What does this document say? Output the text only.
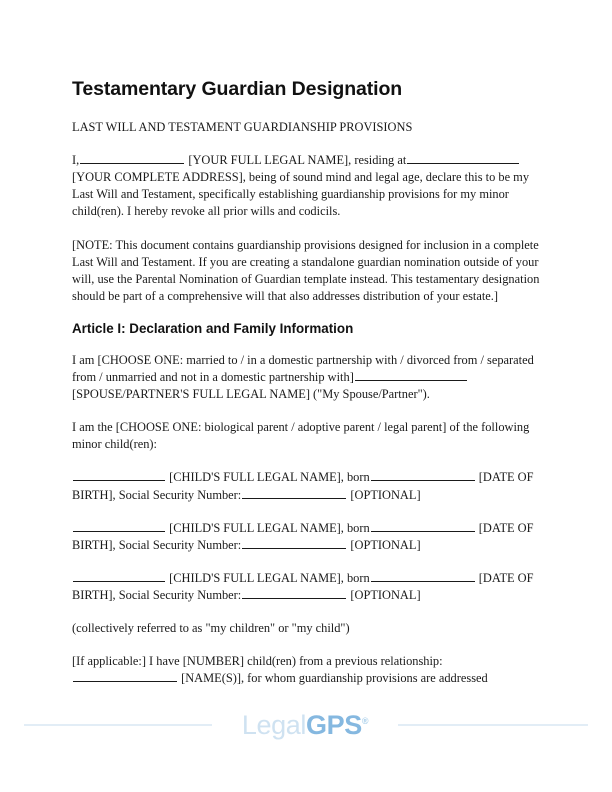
Testamentary Guardian Designation

LAST WILL AND TESTAMENT GUARDIANSHIP PROVISIONS

I,	[YOUR FULL LEGAL NAME], residing at [YOUR COMPLETE ADDRESS], being of sound mind and legal age, declare this to be my Last Will and Testament, specifically establishing guardianship provisions for my minor child(ren). I hereby revoke all prior wills and codicils.

[NOTE: This document contains guardianship provisions designed for inclusion in a complete Last Will and Testament. If you are creating a standalone guardian nomination outside of your will, use the Parental Nomination of Guardian template instead. This testamentary designation should be part of a comprehensive will that also addresses distribution of your estate.]

Article I: Declaration and Family Information

I am [CHOOSE ONE: married to / in a domestic partnership with / divorced from / separated from / unmarried and not in a domestic partnership with] [SPOUSE/PARTNER'S FULL LEGAL NAME] ("My Spouse/Partner").

I am the [CHOOSE ONE: biological parent / adoptive parent / legal parent] of the following minor child(ren):

[CHILD'S FULL LEGAL NAME], born	[DATE OF BIRTH], Social Security Number:	[OPTIONAL]

[CHILD'S FULL LEGAL NAME], born	[DATE OF BIRTH], Social Security Number:	[OPTIONAL]

[CHILD'S FULL LEGAL NAME], born	[DATE OF BIRTH], Social Security Number:	[OPTIONAL]

(collectively referred to as "my children" or "my child")

[If applicable:] I have [NUMBER] child(ren) from a previous relationship:  [NAME(S)], for whom guardianship provisions are addressed

LegalGPS®
